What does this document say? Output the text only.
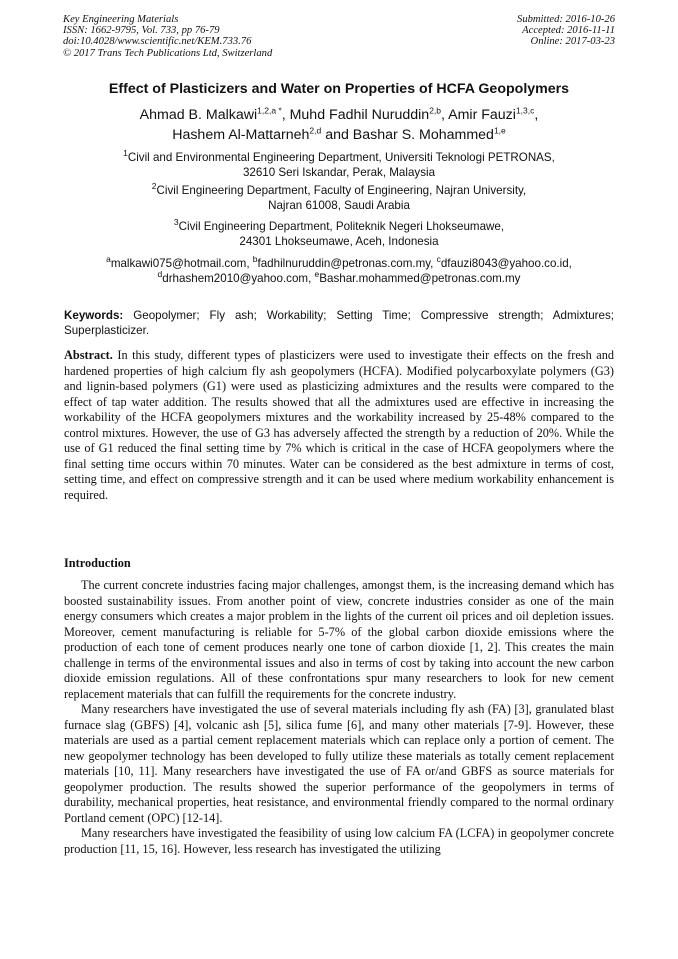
Key Engineering Materials
ISSN: 1662-9795, Vol. 733, pp 76-79
doi:10.4028/www.scientific.net/KEM.733.76
© 2017 Trans Tech Publications Ltd, Switzerland
Submitted: 2016-10-26
Accepted: 2016-11-11
Online: 2017-03-23
Effect of Plasticizers and Water on Properties of HCFA Geopolymers
Ahmad B. Malkawi$^{1,2,a *}$, Muhd Fadhil Nuruddin$^{2,b}$, Amir Fauzi$^{1,3,c}$,
Hashem Al-Mattarneh$^{2,d}$ and Bashar S. Mohammed$^{1,e}$
$^1$Civil and Environmental Engineering Department, Universiti Teknologi PETRONAS,
32610 Seri Iskandar, Perak, Malaysia
$^2$Civil Engineering Department, Faculty of Engineering, Najran University,
Najran 61008, Saudi Arabia
$^3$Civil Engineering Department, Politeknik Negeri Lhokseumawe,
24301 Lhokseumawe, Aceh, Indonesia
$^a$malkawi075@hotmail.com, $^b$fadhilnuruddin@petronas.com.my, $^c$dfauzi8043@yahoo.co.id,
$^d$drhashem2010@yahoo.com, $^e$Bashar.mohammed@petronas.com.my
Keywords: Geopolymer; Fly ash; Workability; Setting Time; Compressive strength; Admixtures; Superplasticizer.
Abstract. In this study, different types of plasticizers were used to investigate their effects on the fresh and hardened properties of high calcium fly ash geopolymers (HCFA). Modified polycarboxylate polymers (G3) and lignin-based polymers (G1) were used as plasticizing admixtures and the results were compared to the effect of tap water addition. The results showed that all the admixtures used are effective in increasing the workability of the HCFA geopolymers mixtures and the workability increased by 25-48% compared to the control mixtures. However, the use of G3 has adversely affected the strength by a reduction of 20%. While the use of G1 reduced the final setting time by 7% which is critical in the case of HCFA geopolymers where the final setting time occurs within 70 minutes. Water can be considered as the best admixture in terms of cost, setting time, and effect on compressive strength and it can be used where medium workability enhancement is required.
Introduction

The current concrete industries facing major challenges, amongst them, is the increasing demand which has boosted sustainability issues. From another point of view, concrete industries consider as one of the main energy consumers which creates a major problem in the lights of the current oil prices and oil depletion issues. Moreover, cement manufacturing is reliable for 5-7% of the global carbon dioxide emissions where the production of each tone of cement produces nearly one tone of carbon dioxide [1, 2]. This creates the main challenge in terms of the environmental issues and also in terms of cost by taking into account the new carbon dioxide emission regulations. All of these confrontations spur many researchers to look for new cement replacement materials that can fulfill the requirements for the concrete industry.

Many researchers have investigated the use of several materials including fly ash (FA) [3], granulated blast furnace slag (GBFS) [4], volcanic ash [5], silica fume [6], and many other materials [7-9]. However, these materials are used as a partial cement replacement materials which can replace only a portion of cement. The new geopolymer technology has been developed to fully utilize these materials as totally cement replacement materials [10, 11]. Many researchers have investigated the use of FA or/and GBFS as source materials for geopolymer production. The results showed the superior performance of the geopolymers in terms of durability, mechanical properties, heat resistance, and environmental friendly compared to the normal ordinary Portland cement (OPC) [12-14].

Many researchers have investigated the feasibility of using low calcium FA (LCFA) in geopolymer concrete production [11, 15, 16]. However, less research has investigated the utilizing
